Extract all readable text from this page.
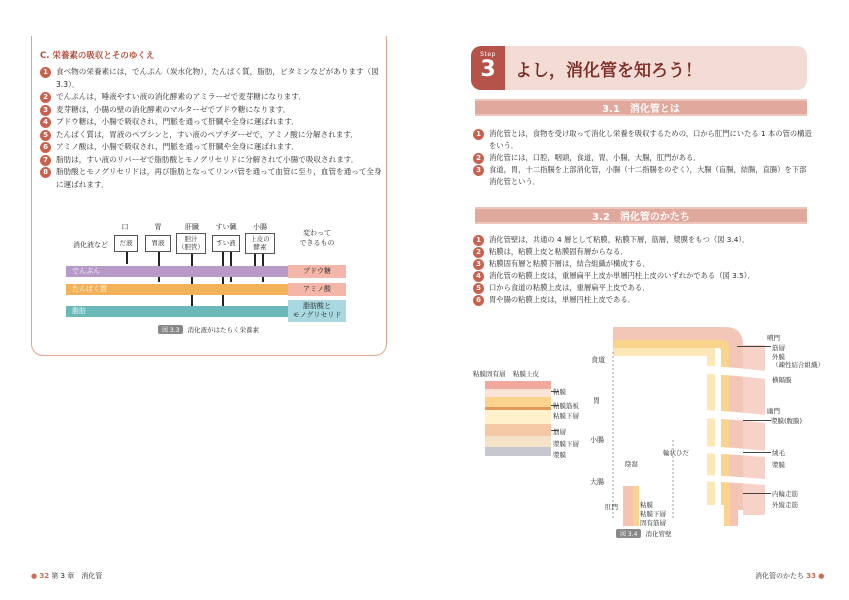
C. 栄養素の吸収とそのゆくえ
1	食べ物の栄養素には，でんぷん（炭水化物），たんぱく質，脂肪，ビタミンなどがあります（図 3.3）．
2	でんぷんは，唾液やすい液の消化酵素のアミラーゼで麦芽糖になります．
3	麦芽糖は，小腸の壁の消化酵素のマルターゼでブドウ糖になります．
4	ブドウ糖は，小腸で吸収され，門脈を通って肝臓や全身に運ばれます．
5	たんぱく質は，胃液のペプシンと，すい液のペプチダーゼで，アミノ酸に分解されます．
6	アミノ酸は，小腸で吸収され，門脈を通って肝臓や全身に運ばれます．
7	脂肪は，すい液のリパーゼで脂肪酸とモノグリセリドに分解されて小腸で吸収されます．
8	脂肪酸とモノグリセリドは，再び脂肪となってリンパ管を通って血管に至り，血管を通って全身に運ばれます．
口	胃	肝臓	すい臓	小腸
消化液など	だ液	胃液	胆汁
（胆管）	すい液	上皮の
酵素
変わって
できるもの
でんぷん	ブドウ糖
たんぱく質	アミノ酸
脂肪
脂肪酸と
モノグリセリド
図 3.3 消化液がはたらく栄養素
● 32 第 3 章　消化管
Step
3	よし，消化管を知ろう！
3.1　消化管とは
1	消化管とは，食物を受け取って消化し栄養を吸収するための，口から肛門にいたる 1 本の管の構造をいう．
2	消化管には，口腔，咽頭，食道，胃，小腸，大腸，肛門がある．
3	食道，胃，十二指腸を上部消化管，小腸（十二指腸をのぞく），大腸（盲腸，結腸，直腸）を下部消化管という．
3.2　消化管のかたち
1	消化管壁は，共通の 4 層として粘膜，粘膜下層，筋層，漿膜をもつ（図 3.4）．
2	粘膜は，粘膜上皮と粘膜固有層からなる．
3	粘膜固有層と粘膜下層は，結合組織が構成する．
4	消化管の粘膜上皮は，重層扁平上皮か単層円柱上皮のいずれかである（図 3.5）．
5	口から食道の粘膜上皮は，重層扁平上皮である．
6	胃や腸の粘膜上皮は，単層円柱上皮である．
食道
胃
小腸
大腸
粘膜固有層 粘膜上皮
粘膜
粘膜筋板
粘膜下層
筋層
漿膜下層
漿膜
噴門
筋層
外膜
（疎性結合組織）
横隔膜
幽門
漿膜(腹膜)
絨毛
漿膜
内輪走筋
外縦走筋
輪状ひだ
陰窩
肛門	粘膜
粘膜下層
固有筋層
図 3.4 消化管壁
消化管のかたち 33 ●
